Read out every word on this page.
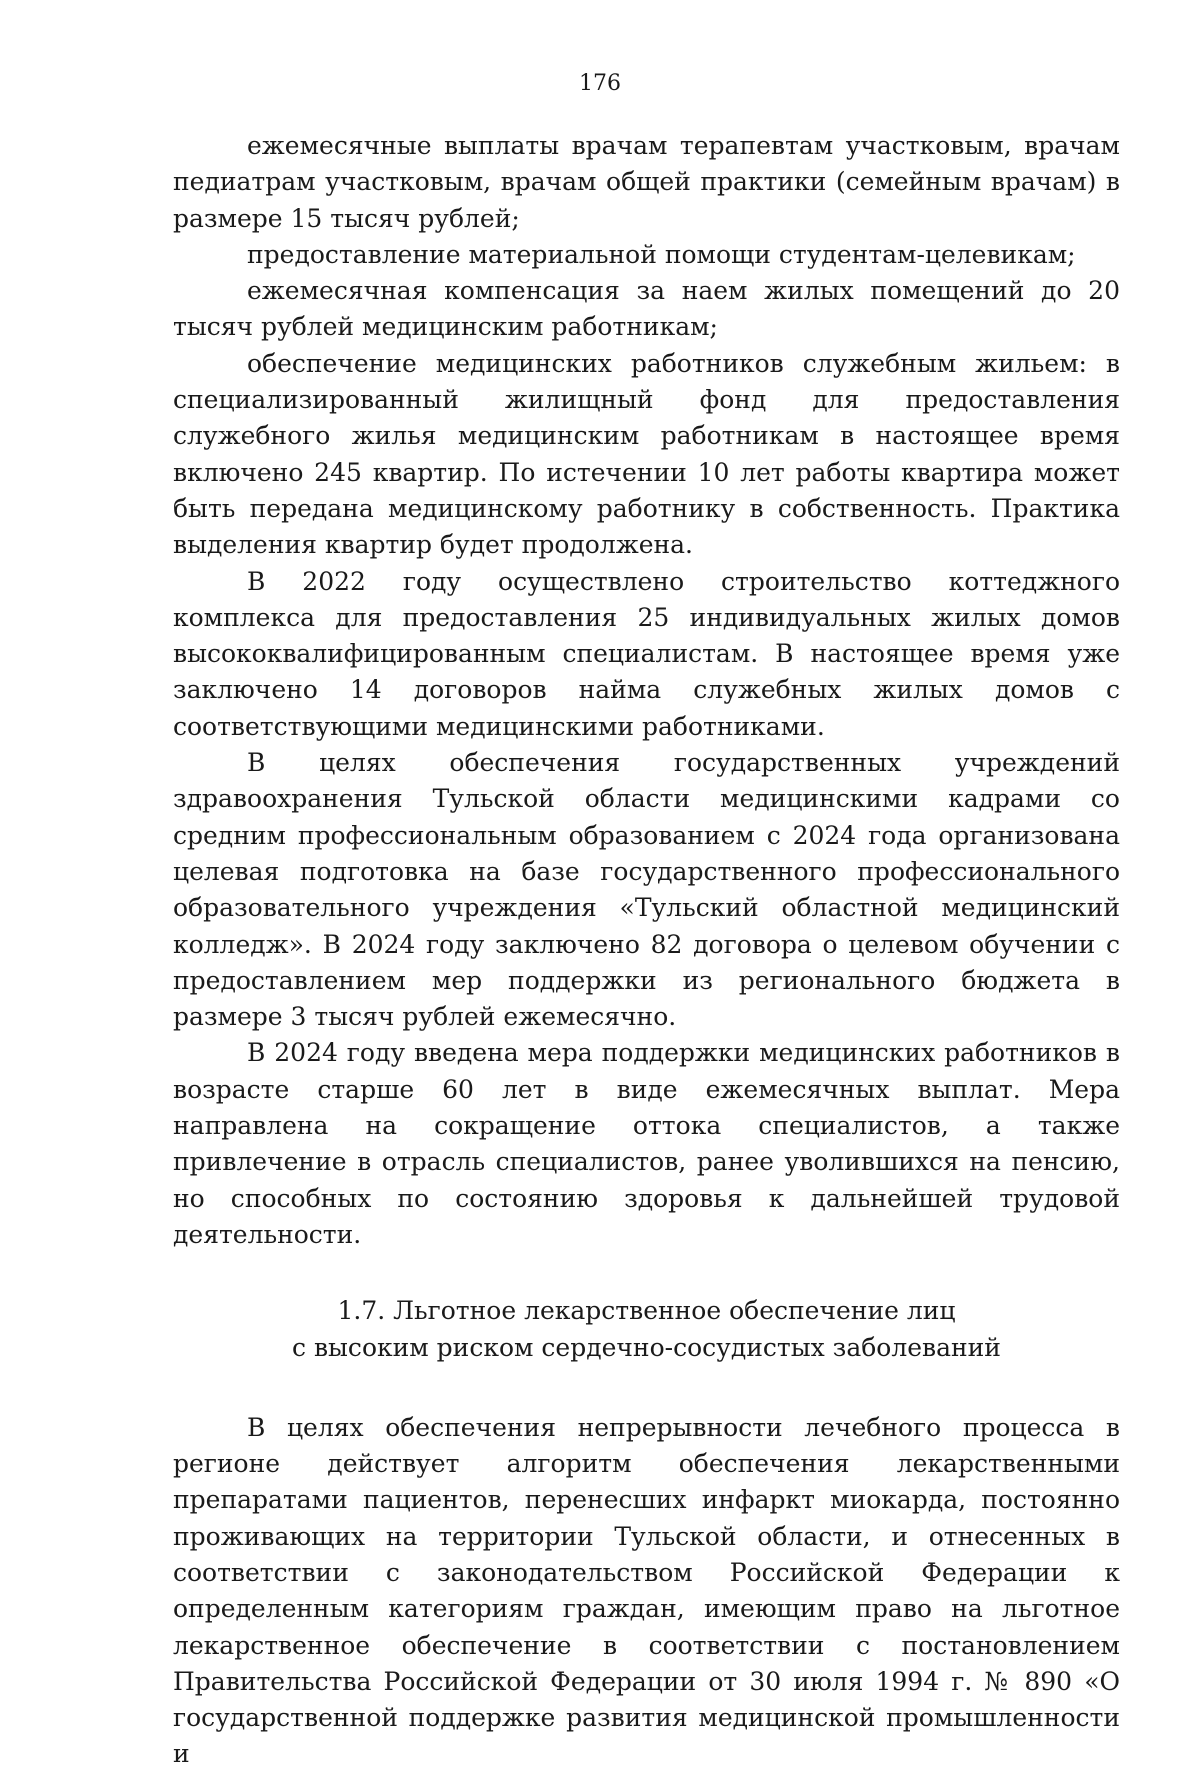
176

ежемесячные выплаты врачам терапевтам участковым, врачам педиатрам участковым, врачам общей практики (семейным врачам) в размере 15 тысяч рублей;

предоставление материальной помощи студентам-целевикам;

ежемесячная компенсация за наем жилых помещений до 20 тысяч рублей медицинским работникам;

обеспечение медицинских работников служебным жильем: в специализированный жилищный фонд для предоставления служебного жилья медицинским работникам в настоящее время включено 245 квартир. По истечении 10 лет работы квартира может быть передана медицинскому работнику в собственность. Практика выделения квартир будет продолжена.

В 2022 году осуществлено строительство коттеджного комплекса для предоставления 25 индивидуальных жилых домов высококвалифицированным специалистам. В настоящее время уже заключено 14 договоров найма служебных жилых домов с соответствующими медицинскими работниками.

В целях обеспечения государственных учреждений здравоохранения Тульской области медицинскими кадрами со средним профессиональным образованием с 2024 года организована целевая подготовка на базе государственного профессионального образовательного учреждения «Тульский областной медицинский колледж». В 2024 году заключено 82 договора о целевом обучении с предоставлением мер поддержки из регионального бюджета в размере 3 тысяч рублей ежемесячно.

В 2024 году введена мера поддержки медицинских работников в возрасте старше 60 лет в виде ежемесячных выплат. Мера направлена на сокращение оттока специалистов, а также привлечение в отрасль специалистов, ранее уволившихся на пенсию, но способных по состоянию здоровья к дальнейшей трудовой деятельности.

1.7. Льготное лекарственное обеспечение лиц
с высоким риском сердечно-сосудистых заболеваний

В целях обеспечения непрерывности лечебного процесса в регионе действует алгоритм обеспечения лекарственными препаратами пациентов, перенесших инфаркт миокарда, постоянно проживающих на территории Тульской области, и отнесенных в соответствии с законодательством Российской Федерации к определенным категориям граждан, имеющим право на льготное лекарственное обеспечение в соответствии с постановлением Правительства Российской Федерации от 30 июля 1994 г. № 890 «О государственной поддержке развития медицинской промышленности и
